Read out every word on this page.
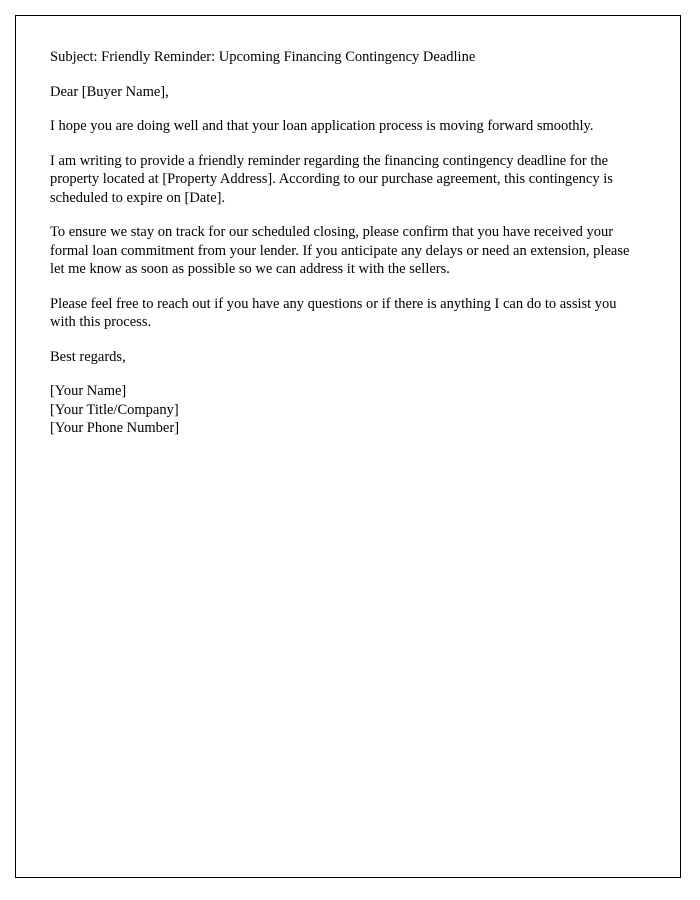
Subject: Friendly Reminder: Upcoming Financing Contingency Deadline

Dear [Buyer Name],

I hope you are doing well and that your loan application process is moving forward smoothly.

I am writing to provide a friendly reminder regarding the financing contingency deadline for the property located at [Property Address]. According to our purchase agreement, this contingency is scheduled to expire on [Date].

To ensure we stay on track for our scheduled closing, please confirm that you have received your formal loan commitment from your lender. If you anticipate any delays or need an extension, please let me know as soon as possible so we can address it with the sellers.

Please feel free to reach out if you have any questions or if there is anything I can do to assist you with this process.

Best regards,

[Your Name]

[Your Title/Company]

[Your Phone Number]
